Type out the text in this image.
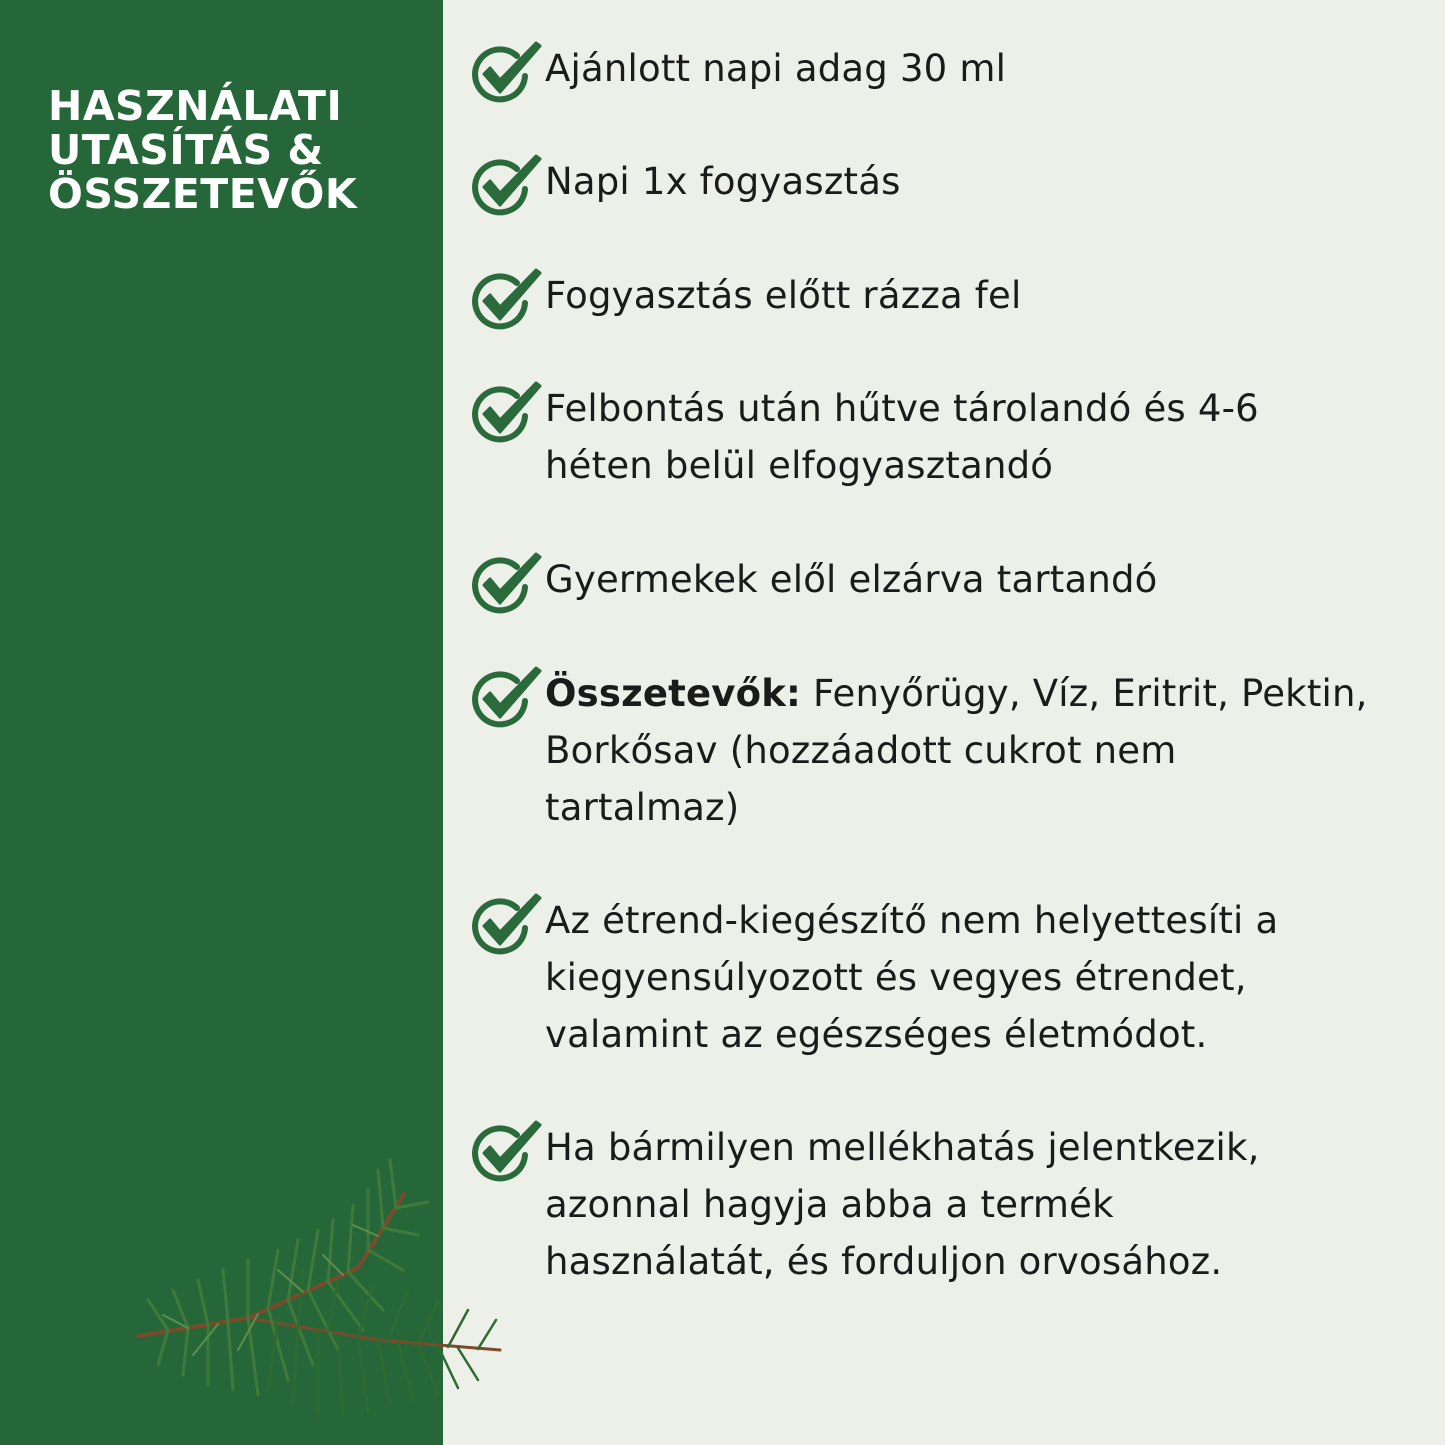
HASZNÁLATI
UTASÍTÁS &
ÖSSZETEVŐK
Ajánlott napi adag 30 ml
Napi 1x fogyasztás
Fogyasztás előtt rázza fel
Felbontás után hűtve tárolandó és 4-6
héten belül elfogyasztandó
Gyermekek elől elzárva tartandó
Összetevők: Fenyőrügy, Víz, Eritrit, Pektin,
Borkősav (hozzáadott cukrot nem
tartalmaz)
Az étrend-kiegészítő nem helyettesíti a
kiegyensúlyozott és vegyes étrendet,
valamint az egészséges életmódot.
Ha bármilyen mellékhatás jelentkezik,
azonnal hagyja abba a termék
használatát, és forduljon orvosához.
